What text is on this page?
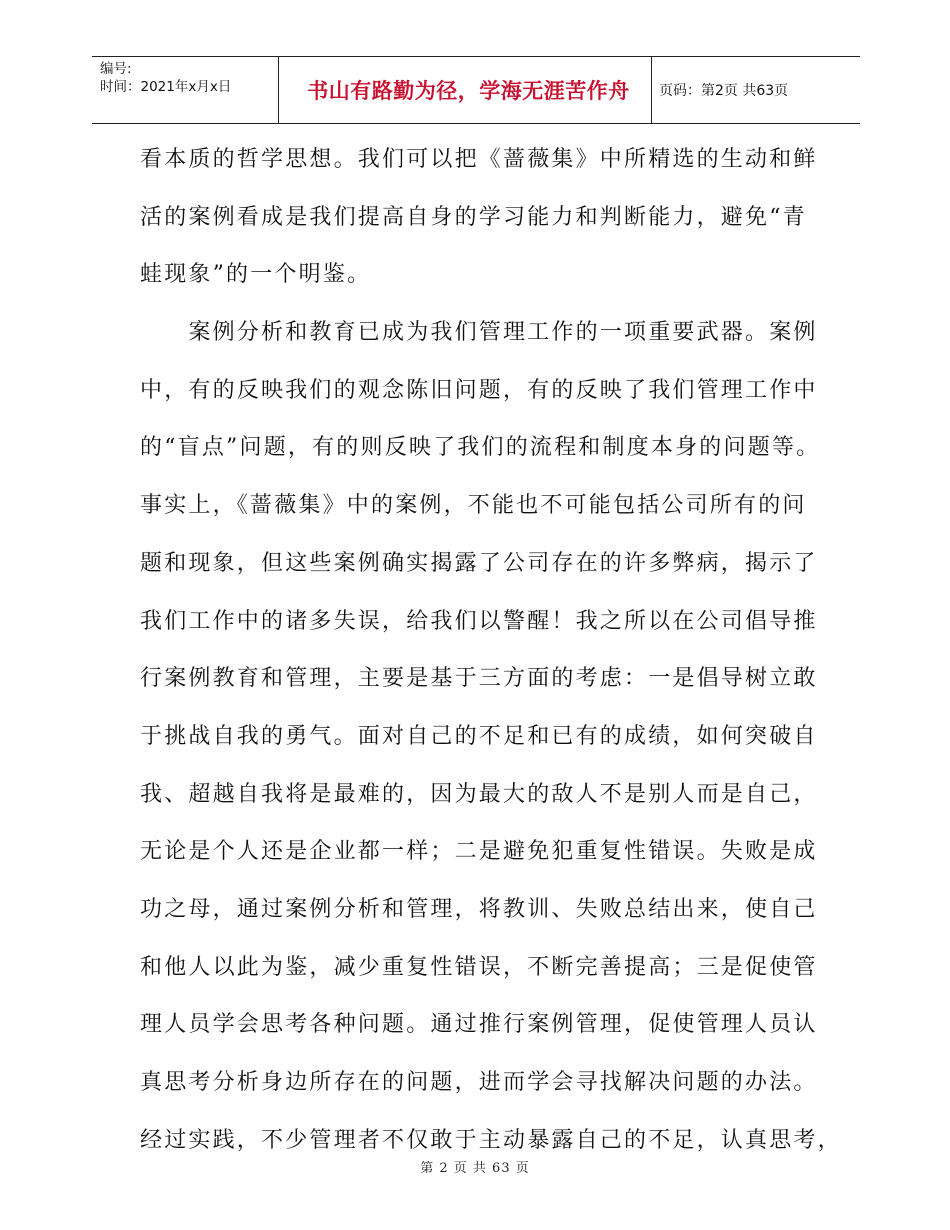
编号:
时间：2021年x月x日	书山有路勤为径，学海无涯苦作舟	页码：第2页 共63页
看本质的哲学思想。我们可以把《蔷薇集》中所精选的生动和鲜
活的案例看成是我们提高自身的学习能力和判断能力，避免“青
蛙现象”的一个明鉴。
　　案例分析和教育已成为我们管理工作的一项重要武器。案例
中，有的反映我们的观念陈旧问题，有的反映了我们管理工作中
的“盲点”问题，有的则反映了我们的流程和制度本身的问题等。
事实上，《蔷薇集》中的案例，不能也不可能包括公司所有的问
题和现象，但这些案例确实揭露了公司存在的许多弊病，揭示了
我们工作中的诸多失误，给我们以警醒！我之所以在公司倡导推
行案例教育和管理，主要是基于三方面的考虑：一是倡导树立敢
于挑战自我的勇气。面对自己的不足和已有的成绩，如何突破自
我、超越自我将是最难的，因为最大的敌人不是别人而是自己，
无论是个人还是企业都一样；二是避免犯重复性错误。失败是成
功之母，通过案例分析和管理，将教训、失败总结出来，使自己
和他人以此为鉴，减少重复性错误，不断完善提高；三是促使管
理人员学会思考各种问题。通过推行案例管理，促使管理人员认
真思考分析身边所存在的问题，进而学会寻找解决问题的办法。
经过实践，不少管理者不仅敢于主动暴露自己的不足，认真思考，
第 2 页 共 63 页
